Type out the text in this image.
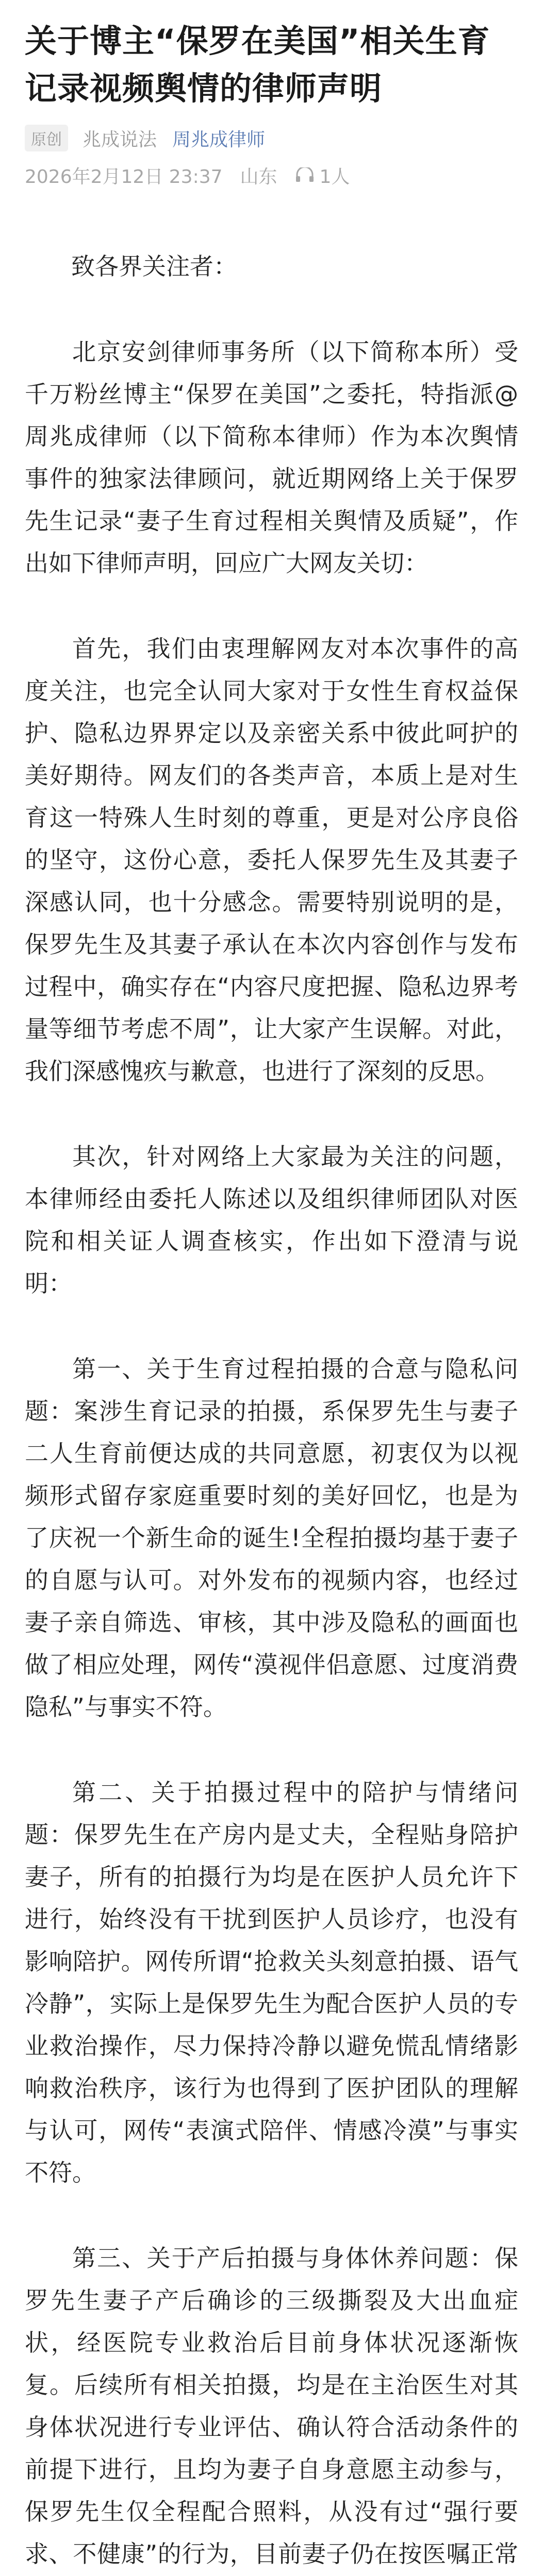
关于博主“保罗在美国”相关生育记录视频舆情的律师声明
原创	兆成说法 周兆成律师
2026年2月12日 23:37 山东 1人

致各界关注者：

北京安剑律师事务所（以下简称本所）受千万粉丝博主“保罗在美国”之委托，特指派@周兆成律师（以下简称本律师）作为本次舆情事件的独家法律顾问，就近期网络上关于保罗先生记录“妻子生育过程相关舆情及质疑”，作出如下律师声明，回应广大网友关切：

首先，我们由衷理解网友对本次事件的高度关注，也完全认同大家对于女性生育权益保护、隐私边界界定以及亲密关系中彼此呵护的美好期待。网友们的各类声音，本质上是对生育这一特殊人生时刻的尊重，更是对公序良俗的坚守，这份心意，委托人保罗先生及其妻子深感认同，也十分感念。需要特别说明的是，保罗先生及其妻子承认在本次内容创作与发布过程中，确实存在“内容尺度把握、隐私边界考量等细节考虑不周”，让大家产生误解。对此，我们深感愧疚与歉意，也进行了深刻的反思。

其次，针对网络上大家最为关注的问题，本律师经由委托人陈述以及组织律师团队对医院和相关证人调查核实，作出如下澄清与说明：

第一、关于生育过程拍摄的合意与隐私问题：案涉生育记录的拍摄，系保罗先生与妻子二人生育前便达成的共同意愿，初衷仅为以视频形式留存家庭重要时刻的美好回忆，也是为了庆祝一个新生命的诞生!全程拍摄均基于妻子的自愿与认可。对外发布的视频内容，也经过妻子亲自筛选、审核，其中涉及隐私的画面也做了相应处理，网传“漠视伴侣意愿、过度消费隐私”与事实不符。

第二、关于拍摄过程中的陪护与情绪问题：保罗先生在产房内是丈夫，全程贴身陪护妻子，所有的拍摄行为均是在医护人员允许下进行，始终没有干扰到医护人员诊疗，也没有影响陪护。网传所谓“抢救关头刻意拍摄、语气冷静”，实际上是保罗先生为配合医护人员的专业救治操作，尽力保持冷静以避免慌乱情绪影响救治秩序，该行为也得到了医护团队的理解与认可，网传“表演式陪伴、情感冷漠”与事实不符。

第三、关于产后拍摄与身体休养问题：保罗先生妻子产后确诊的三级撕裂及大出血症状，经医院专业救治后目前身体状况逐渐恢复。后续所有相关拍摄，均是在主治医生对其身体状况进行专业评估、确认符合活动条件的前提下进行，且均为妻子自身意愿主动参与，保罗先生仅全程配合照料，从没有过“强行要求、不健康”的行为，目前妻子仍在按医嘱正常
